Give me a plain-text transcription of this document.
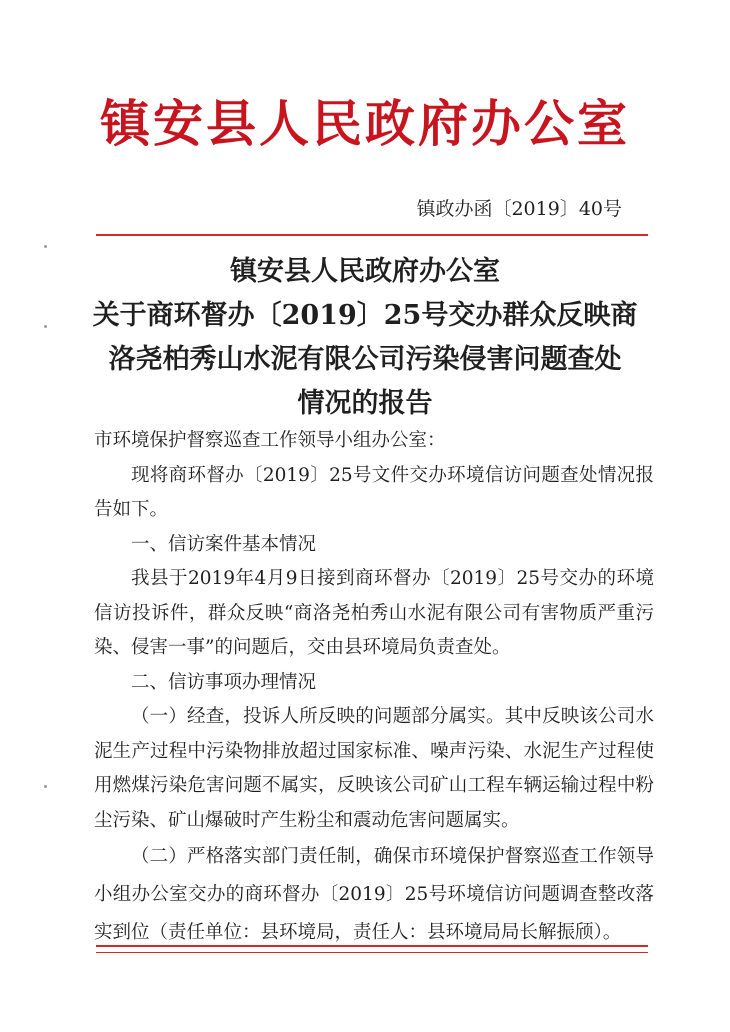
镇安县人民政府办公室
镇政办函〔2019〕40号
镇安县人民政府办公室
关于商环督办〔2019〕25号交办群众反映商
洛尧柏秀山水泥有限公司污染侵害问题查处
情况的报告

市环境保护督察巡查工作领导小组办公室：

现将商环督办〔2019〕25号文件交办环境信访问题查处情况报告如下。

一、信访案件基本情况

我县于2019年4月9日接到商环督办〔2019〕25号交办的环境信访投诉件，群众反映“商洛尧柏秀山水泥有限公司有害物质严重污染、侵害一事”的问题后，交由县环境局负责查处。

二、信访事项办理情况

（一）经查，投诉人所反映的问题部分属实。其中反映该公司水泥生产过程中污染物排放超过国家标准、噪声污染、水泥生产过程使用燃煤污染危害问题不属实，反映该公司矿山工程车辆运输过程中粉尘污染、矿山爆破时产生粉尘和震动危害问题属实。

（二）严格落实部门责任制，确保市环境保护督察巡查工作领导小组办公室交办的商环督办〔2019〕25号环境信访问题调查整改落实到位（责任单位：县环境局，责任人：县环境局局长解振颀）。
